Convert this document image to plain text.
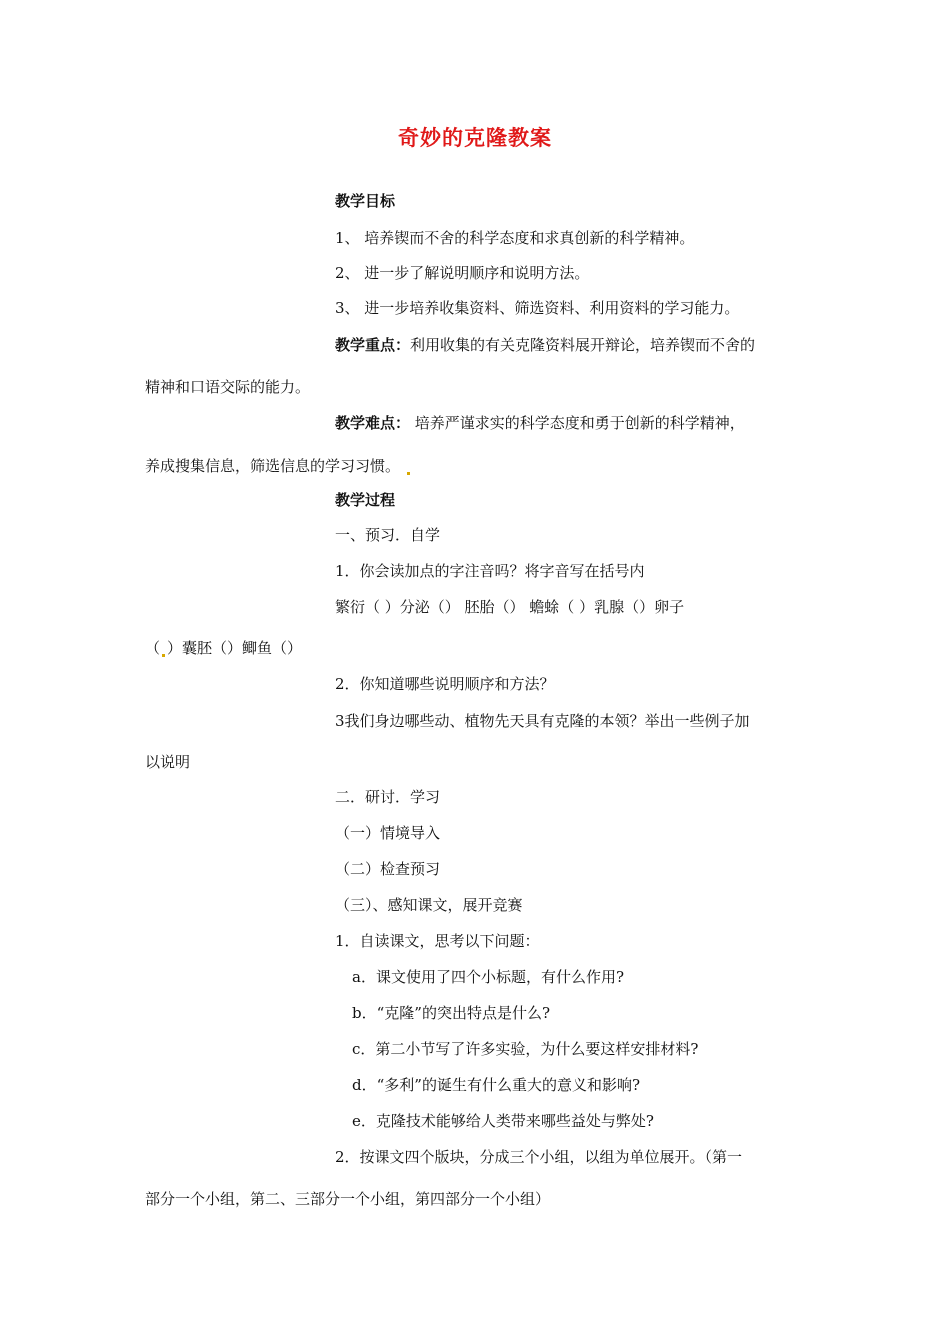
奇妙的克隆教案
教学目标
1、 培养锲而不舍的科学态度和求真创新的科学精神。
2、 进一步了解说明顺序和说明方法。
3、 进一步培养收集资料、筛选资料、利用资料的学习能力。
教学重点：利用收集的有关克隆资料展开辩论，培养锲而不舍的
精神和口语交际的能力。
教学难点： 培养严谨求实的科学态度和勇于创新的科学精神，
养成搜集信息，筛选信息的学习习惯。
教学过程
一、预习．自学
1．你会读加点的字注音吗？将字音写在括号内
繁衍（ ）分泌（） 胚胎（） 蟾蜍（ ）乳腺（）卵子
（ ）囊胚（）鲫鱼（）
2．你知道哪些说明顺序和方法？
3我们身边哪些动、植物先天具有克隆的本领？举出一些例子加
以说明
二．研讨．学习
（一）情境导入
（二）检查预习
（三）、感知课文，展开竞赛
1．自读课文，思考以下问题：
a．课文使用了四个小标题，有什么作用?
b．“克隆”的突出特点是什么?
c．第二小节写了许多实验，为什么要这样安排材料?
d．“多利”的诞生有什么重大的意义和影响?
e．克隆技术能够给人类带来哪些益处与弊处?
2．按课文四个版块，分成三个小组，以组为单位展开。（第一
部分一个小组，第二、三部分一个小组，第四部分一个小组）
